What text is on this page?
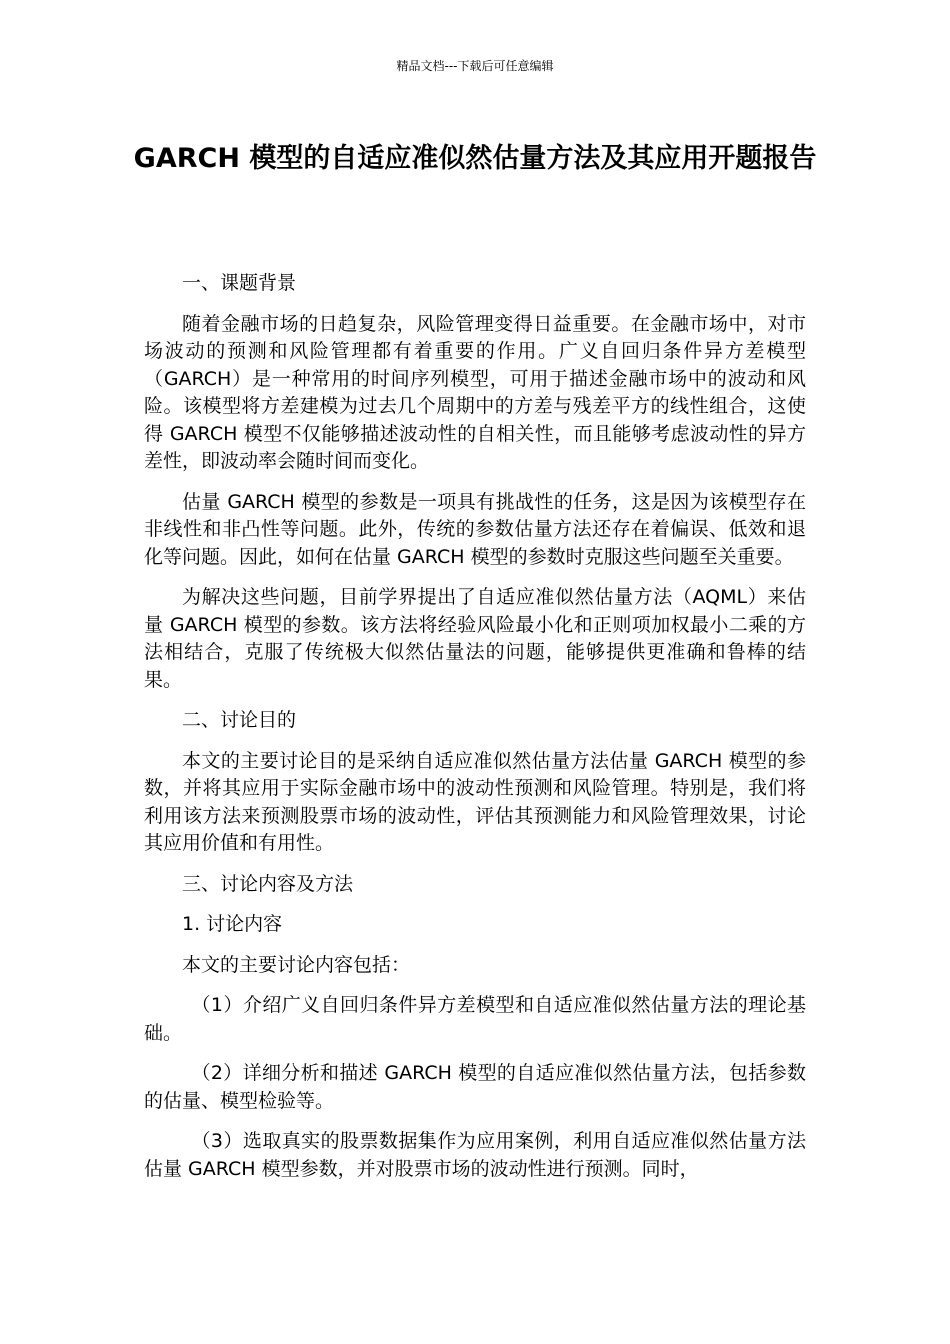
精品文档---下载后可任意编辑
GARCH 模型的自适应准似然估量方法及其应用开题报告

一、课题背景

随着金融市场的日趋复杂，风险管理变得日益重要。在金融市场中，对市场波动的预测和风险管理都有着重要的作用。广义自回归条件异方差模型（GARCH）是一种常用的时间序列模型，可用于描述金融市场中的波动和风险。该模型将方差建模为过去几个周期中的方差与残差平方的线性组合，这使得 GARCH 模型不仅能够描述波动性的自相关性，而且能够考虑波动性的异方差性，即波动率会随时间而变化。

估量 GARCH 模型的参数是一项具有挑战性的任务，这是因为该模型存在非线性和非凸性等问题。此外，传统的参数估量方法还存在着偏误、低效和退化等问题。因此，如何在估量 GARCH 模型的参数时克服这些问题至关重要。

为解决这些问题，目前学界提出了自适应准似然估量方法（AQML）来估量 GARCH 模型的参数。该方法将经验风险最小化和正则项加权最小二乘的方法相结合，克服了传统极大似然估量法的问题，能够提供更准确和鲁棒的结果。

二、讨论目的

本文的主要讨论目的是采纳自适应准似然估量方法估量 GARCH 模型的参数，并将其应用于实际金融市场中的波动性预测和风险管理。特别是，我们将利用该方法来预测股票市场的波动性，评估其预测能力和风险管理效果，讨论其应用价值和有用性。

三、讨论内容及方法

1. 讨论内容

本文的主要讨论内容包括：

（1）介绍广义自回归条件异方差模型和自适应准似然估量方法的理论基础。

（2）详细分析和描述 GARCH 模型的自适应准似然估量方法，包括参数的估量、模型检验等。

（3）选取真实的股票数据集作为应用案例，利用自适应准似然估量方法估量 GARCH 模型参数，并对股票市场的波动性进行预测。同时，
